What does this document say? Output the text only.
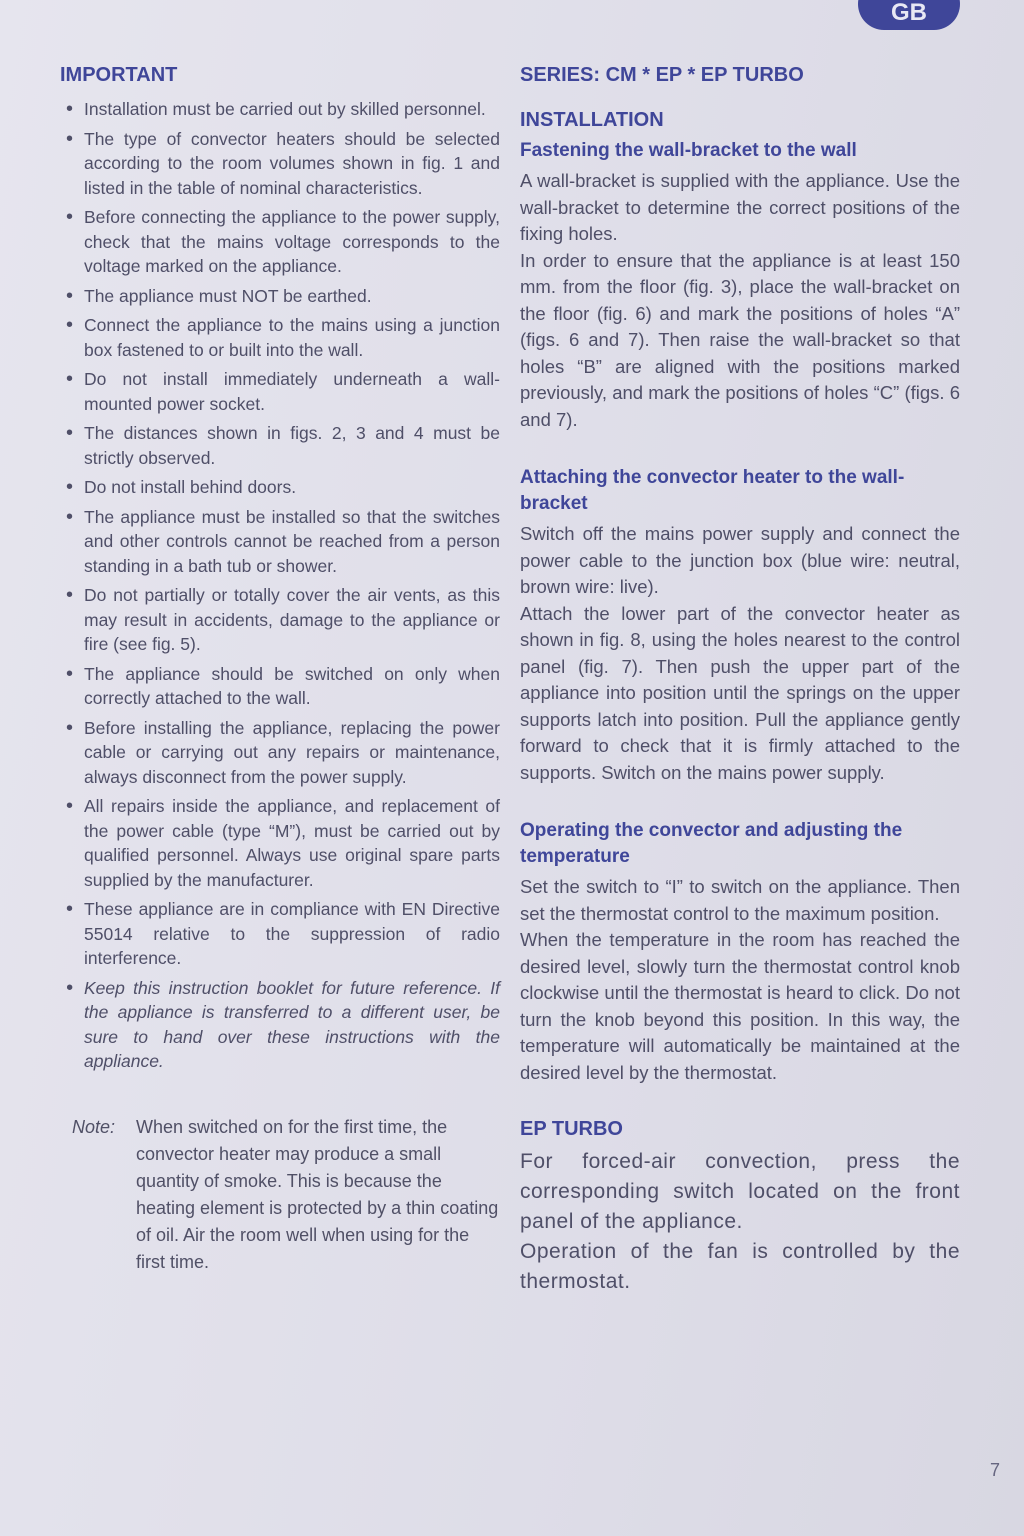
GB
IMPORTANT
• Installation must be carried out by skilled personnel.
• The type of convector heaters should be selected according to the room volumes shown in fig. 1 and listed in the table of nominal characteristics.
• Before connecting the appliance to the power supply, check that the mains voltage corresponds to the voltage marked on the appliance.
• The appliance must NOT be earthed.
• Connect the appliance to the mains using a junction box fastened to or built into the wall.
• Do not install immediately underneath a wall-mounted power socket.
• The distances shown in figs. 2, 3 and 4 must be strictly observed.
• Do not install behind doors.
• The appliance must be installed so that the switches and other controls cannot be reached from a person standing in a bath tub or shower.
• Do not partially or totally cover the air vents, as this may result in accidents, damage to the appliance or fire (see fig. 5).
• The appliance should be switched on only when correctly attached to the wall.
• Before installing the appliance, replacing the power cable or carrying out any repairs or maintenance, always disconnect from the power supply.
• All repairs inside the appliance, and replacement of the power cable (type “M”), must be carried out by qualified personnel. Always use original spare parts supplied by the manufacturer.
• These appliance are in compliance with EN Directive 55014 relative to the suppression of radio interference.
• Keep this instruction booklet for future reference. If the appliance is transferred to a different user, be sure to hand over these instructions with the appliance.
Note:	When switched on for the first time, the convector heater may produce a small quantity of smoke. This is because the heating element is protected by a thin coating of oil. Air the room well when using for the first time.
SERIES: CM * EP * EP TURBO
INSTALLATION
Fastening the wall-bracket to the wall

A wall-bracket is supplied with the appliance. Use the wall-bracket to determine the correct positions of the fixing holes.

In order to ensure that the appliance is at least 150 mm. from the floor (fig. 3), place the wall-bracket on the floor (fig. 6) and mark the positions of holes “A” (figs. 6 and 7). Then raise the wall-bracket so that holes “B” are aligned with the positions marked previously, and mark the positions of holes “C” (figs. 6 and 7).

Attaching the convector heater to the wall-bracket

Switch off the mains power supply and connect the power cable to the junction box (blue wire: neutral, brown wire: live).

Attach the lower part of the convector heater as shown in fig. 8, using the holes nearest to the control panel (fig. 7). Then push the upper part of the appliance into position until the springs on the upper supports latch into position. Pull the appliance gently forward to check that it is firmly attached to the supports. Switch on the mains power supply.

Operating the convector and adjusting the temperature

Set the switch to “I” to switch on the appliance. Then set the thermostat control to the maximum position.

When the temperature in the room has reached the desired level, slowly turn the thermostat control knob clockwise until the thermostat is heard to click. Do not turn the knob beyond this position. In this way, the temperature will automatically be maintained at the desired level by the thermostat.

EP TURBO

For forced-air convection, press the corresponding switch located on the front panel of the appliance.

Operation of the fan is controlled by the thermostat.

7
